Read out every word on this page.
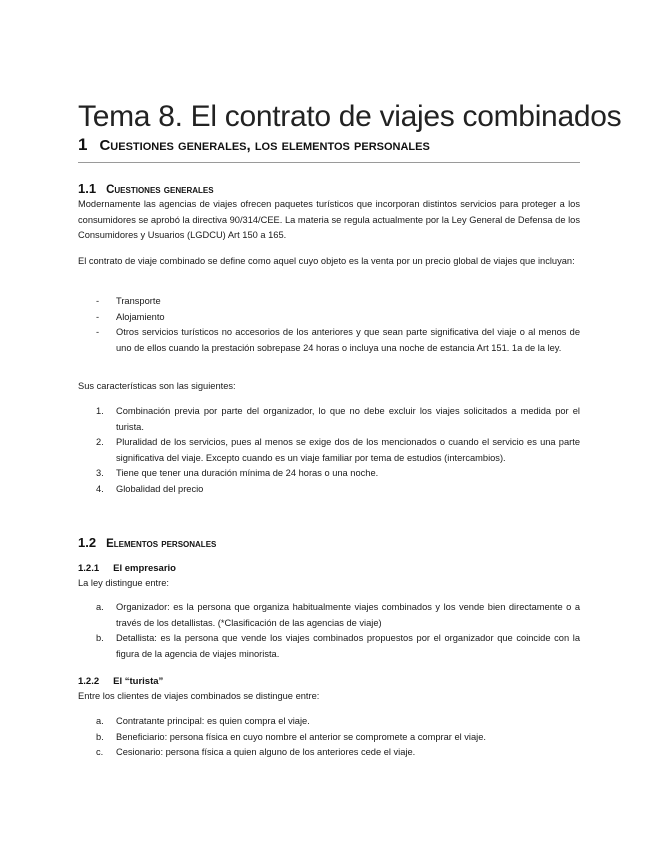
Tema 8. El contrato de viajes combinados
1 Cuestiones generales, los elementos personales
1.1 Cuestiones generales

Modernamente las agencias de viajes ofrecen paquetes turísticos que incorporan distintos servicios para proteger a los consumidores se aprobó la directiva 90/314/CEE. La materia se regula actualmente por la Ley General de Defensa de los Consumidores y Usuarios (LGDCU) Art 150 a 165.

El contrato de viaje combinado se define como aquel cuyo objeto es la venta por un precio global de viajes que incluyan:

- Transporte
- Alojamiento
- Otros servicios turísticos no accesorios de los anteriores y que sean parte significativa del viaje o al menos de uno de ellos cuando la prestación sobrepase 24 horas o incluya una noche de estancia Art 151. 1a de la ley.

Sus características son las siguientes:

1. Combinación previa por parte del organizador, lo que no debe excluir los viajes solicitados a medida por el turista.
2. Pluralidad de los servicios, pues al menos se exige dos de los mencionados o cuando el servicio es una parte significativa del viaje. Excepto cuando es un viaje familiar por tema de estudios (intercambios).
3. Tiene que tener una duración mínima de 24 horas o una noche.
4. Globalidad del precio
1.2 Elementos personales
1.2.1 El empresario

La ley distingue entre:

a. Organizador: es la persona que organiza habitualmente viajes combinados y los vende bien directamente o a través de los detallistas. (*Clasificación de las agencias de viaje)
b. Detallista: es la persona que vende los viajes combinados propuestos por el organizador que coincide con la figura de la agencia de viajes minorista.
1.2.2 El “turista”

Entre los clientes de viajes combinados se distingue entre:

a. Contratante principal: es quien compra el viaje.
b. Beneficiario: persona física en cuyo nombre el anterior se compromete a comprar el viaje.
c. Cesionario: persona física a quien alguno de los anteriores cede el viaje.
